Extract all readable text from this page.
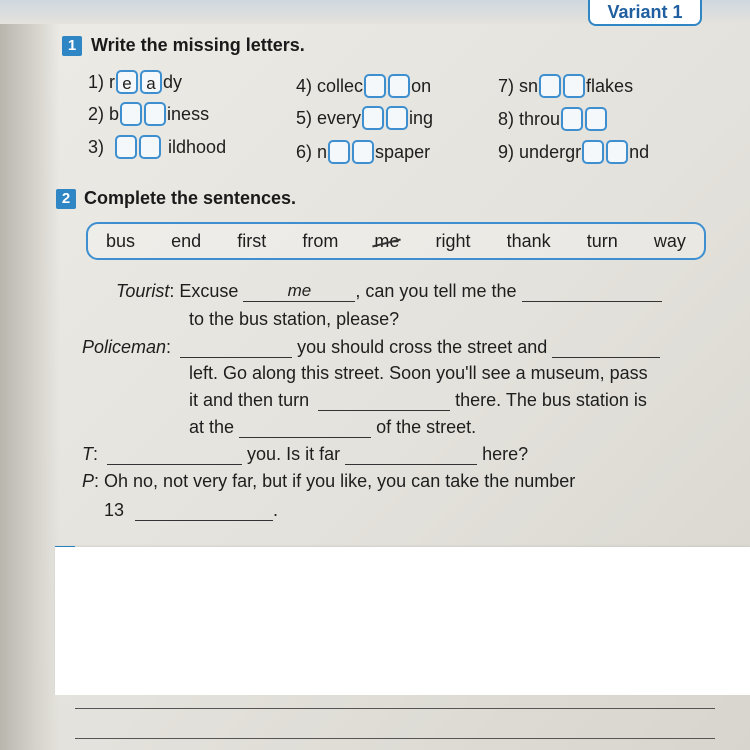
Variant 1
1 Write the missing letters.
1)
r e a dy
2)
b	iness
3)
	ildhood
4)
collec	on
5)
every	ing
6)
n	spaper
7)
sn	flakes
8)
throu
9)
undergr	nd
2 Complete the sentences.
bus end first from me right thank turn way
Tourist: Excuse	me , can you tell me the
to the bus station, please?
Policeman:	you should cross the street and
left. Go along this street. Soon you'll see a museum, pass
it and then turn	there. The bus station is
at the	of the street.
T:	you. Is it far	here?
P: Oh no, not very far, but if you like, you can take the number
13	.
